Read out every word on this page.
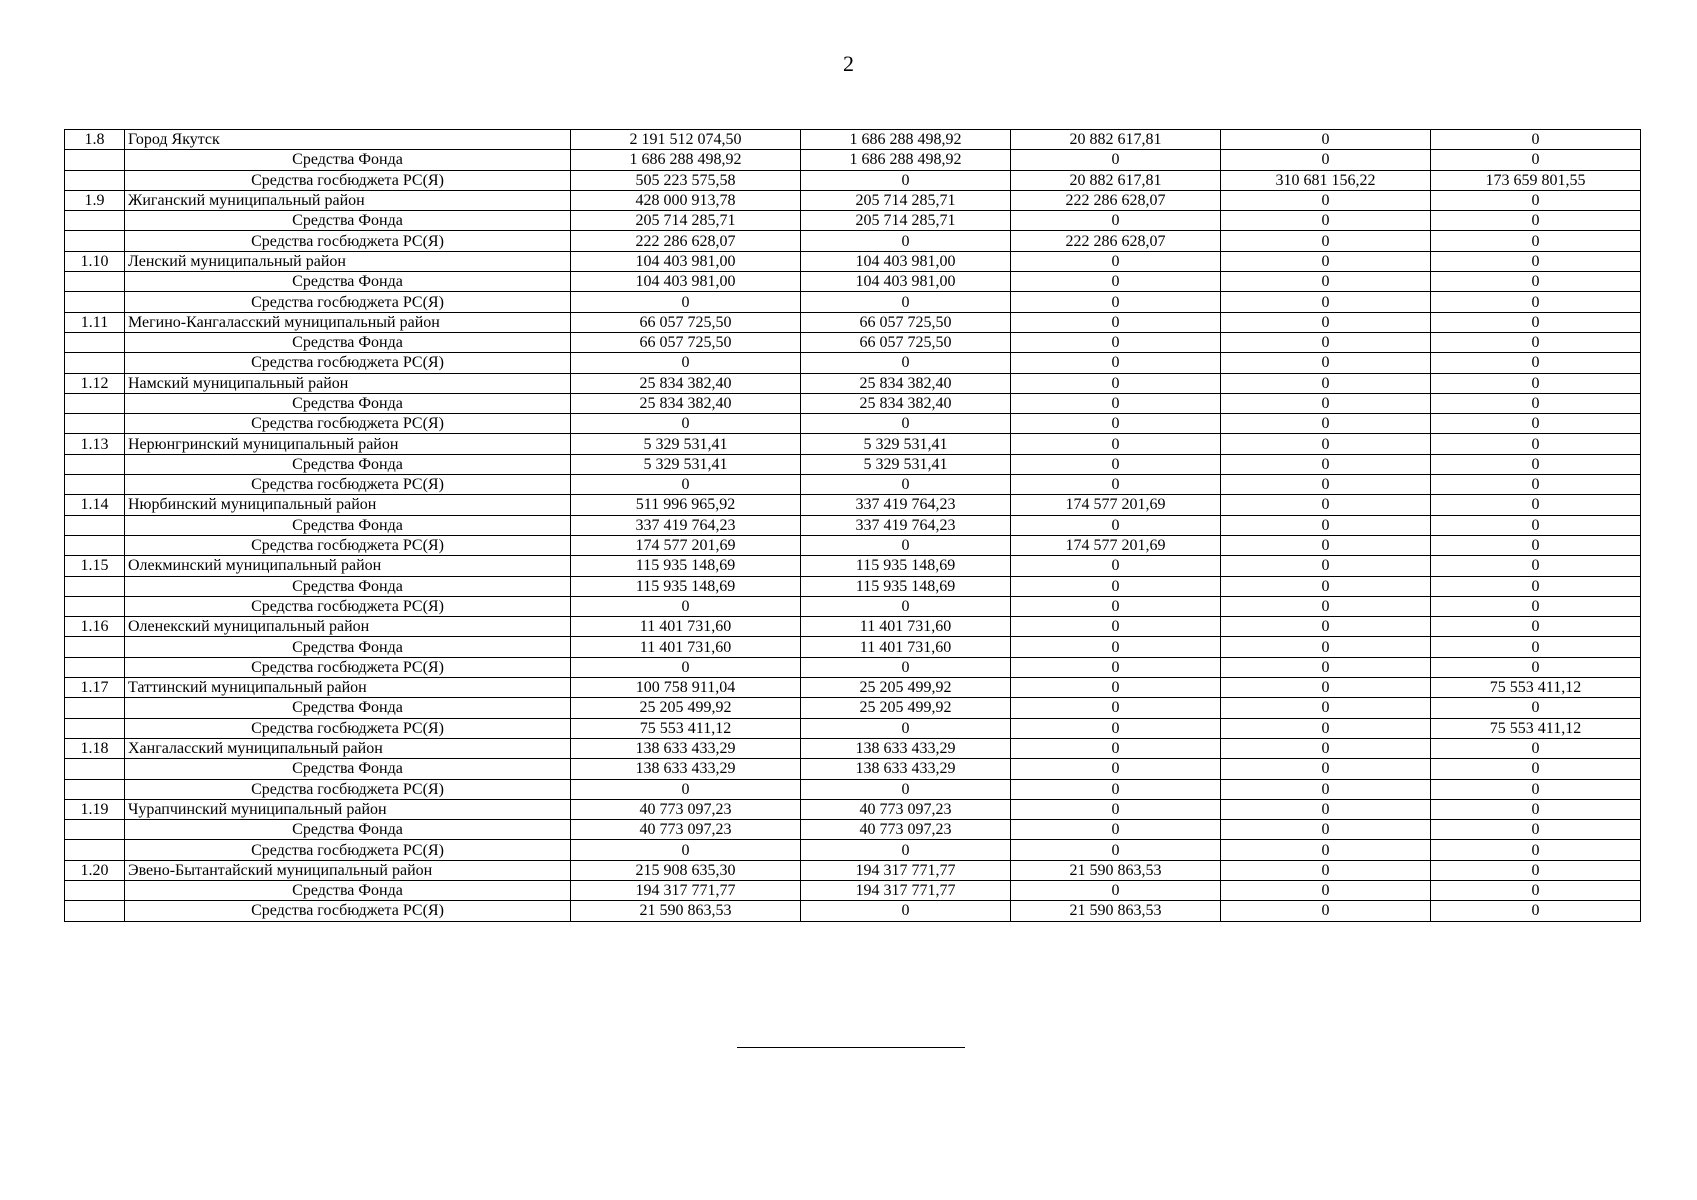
2
1.8	Город Якутск	2 191 512 074,50	1 686 288 498,92	20 882 617,81	0	0
	Средства Фонда	1 686 288 498,92	1 686 288 498,92	0	0	0
	Средства госбюджета РС(Я)	505 223 575,58	0	20 882 617,81	310 681 156,22	173 659 801,55
1.9	Жиганский муниципальный район	428 000 913,78	205 714 285,71	222 286 628,07	0	0
	Средства Фонда	205 714 285,71	205 714 285,71	0	0	0
	Средства госбюджета РС(Я)	222 286 628,07	0	222 286 628,07	0	0
1.10	Ленский муниципальный район	104 403 981,00	104 403 981,00	0	0	0
	Средства Фонда	104 403 981,00	104 403 981,00	0	0	0
	Средства госбюджета РС(Я)	0	0	0	0	0
1.11	Мегино-Кангаласский муниципальный район	66 057 725,50	66 057 725,50	0	0	0
	Средства Фонда	66 057 725,50	66 057 725,50	0	0	0
	Средства госбюджета РС(Я)	0	0	0	0	0
1.12	Намский муниципальный район	25 834 382,40	25 834 382,40	0	0	0
	Средства Фонда	25 834 382,40	25 834 382,40	0	0	0
	Средства госбюджета РС(Я)	0	0	0	0	0
1.13	Нерюнгринский муниципальный район	5 329 531,41	5 329 531,41	0	0	0
	Средства Фонда	5 329 531,41	5 329 531,41	0	0	0
	Средства госбюджета РС(Я)	0	0	0	0	0
1.14	Нюрбинский муниципальный район	511 996 965,92	337 419 764,23	174 577 201,69	0	0
	Средства Фонда	337 419 764,23	337 419 764,23	0	0	0
	Средства госбюджета РС(Я)	174 577 201,69	0	174 577 201,69	0	0
1.15	Олекминский муниципальный район	115 935 148,69	115 935 148,69	0	0	0
	Средства Фонда	115 935 148,69	115 935 148,69	0	0	0
	Средства госбюджета РС(Я)	0	0	0	0	0
1.16	Оленекский муниципальный район	11 401 731,60	11 401 731,60	0	0	0
	Средства Фонда	11 401 731,60	11 401 731,60	0	0	0
	Средства госбюджета РС(Я)	0	0	0	0	0
1.17	Таттинский муниципальный район	100 758 911,04	25 205 499,92	0	0	75 553 411,12
	Средства Фонда	25 205 499,92	25 205 499,92	0	0	0
	Средства госбюджета РС(Я)	75 553 411,12	0	0	0	75 553 411,12
1.18	Хангаласский муниципальный район	138 633 433,29	138 633 433,29	0	0	0
	Средства Фонда	138 633 433,29	138 633 433,29	0	0	0
	Средства госбюджета РС(Я)	0	0	0	0	0
1.19	Чурапчинский муниципальный район	40 773 097,23	40 773 097,23	0	0	0
	Средства Фонда	40 773 097,23	40 773 097,23	0	0	0
	Средства госбюджета РС(Я)	0	0	0	0	0
1.20	Эвено-Бытантайский муниципальный район	215 908 635,30	194 317 771,77	21 590 863,53	0	0
	Средства Фонда	194 317 771,77	194 317 771,77	0	0	0
	Средства госбюджета РС(Я)	21 590 863,53	0	21 590 863,53	0	0
